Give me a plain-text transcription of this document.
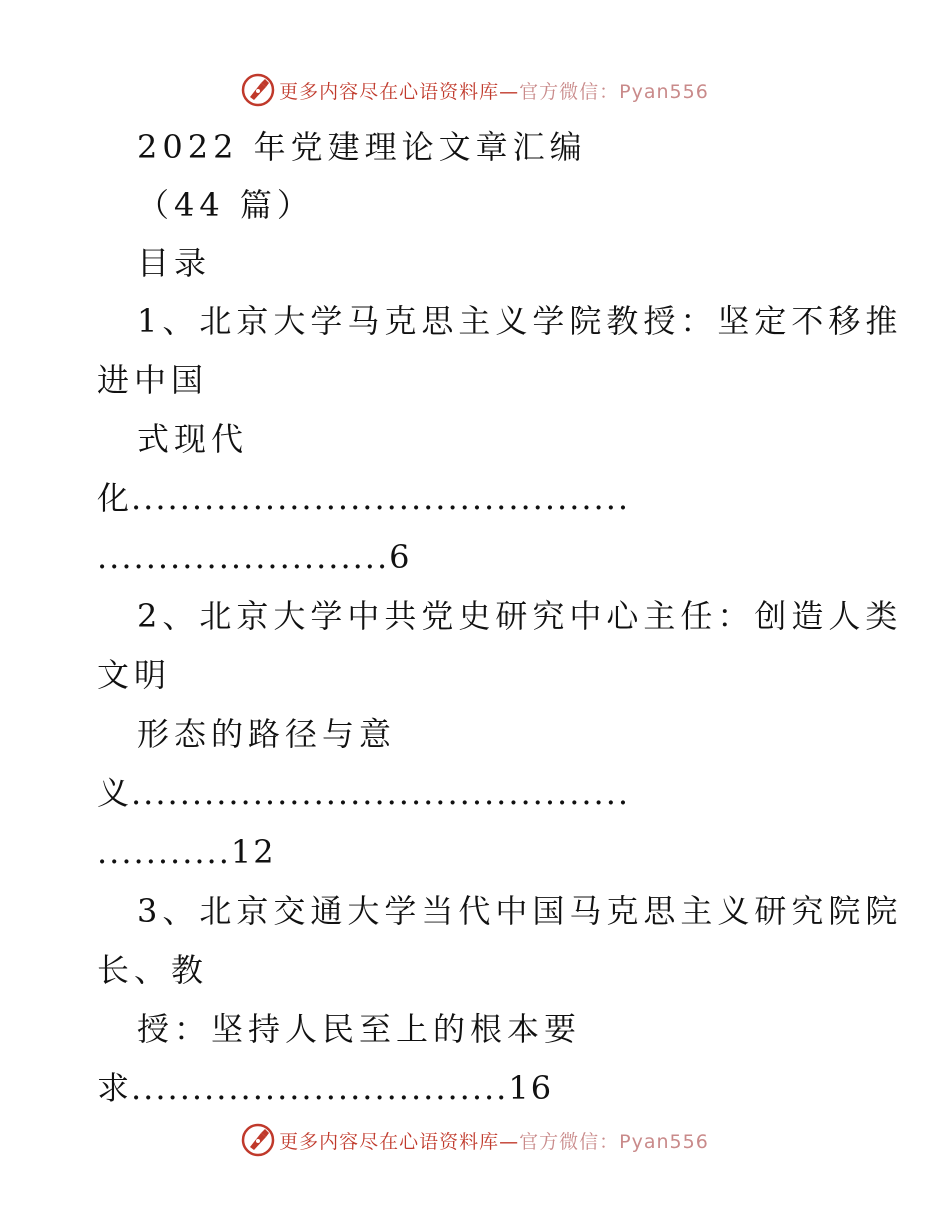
更多内容尽在心语资料库—官方微信：Pyan556
2022 年党建理论文章汇编
（44 篇）
目录
1、北京大学马克思主义学院教授：坚定不移推
进中国
式现代
化.........................................
........................6
2、北京大学中共党史研究中心主任：创造人类
文明
形态的路径与意
义.........................................
...........12
3、北京交通大学当代中国马克思主义研究院院
长、教
授：坚持人民至上的根本要
求...............................16
更多内容尽在心语资料库—官方微信：Pyan556
